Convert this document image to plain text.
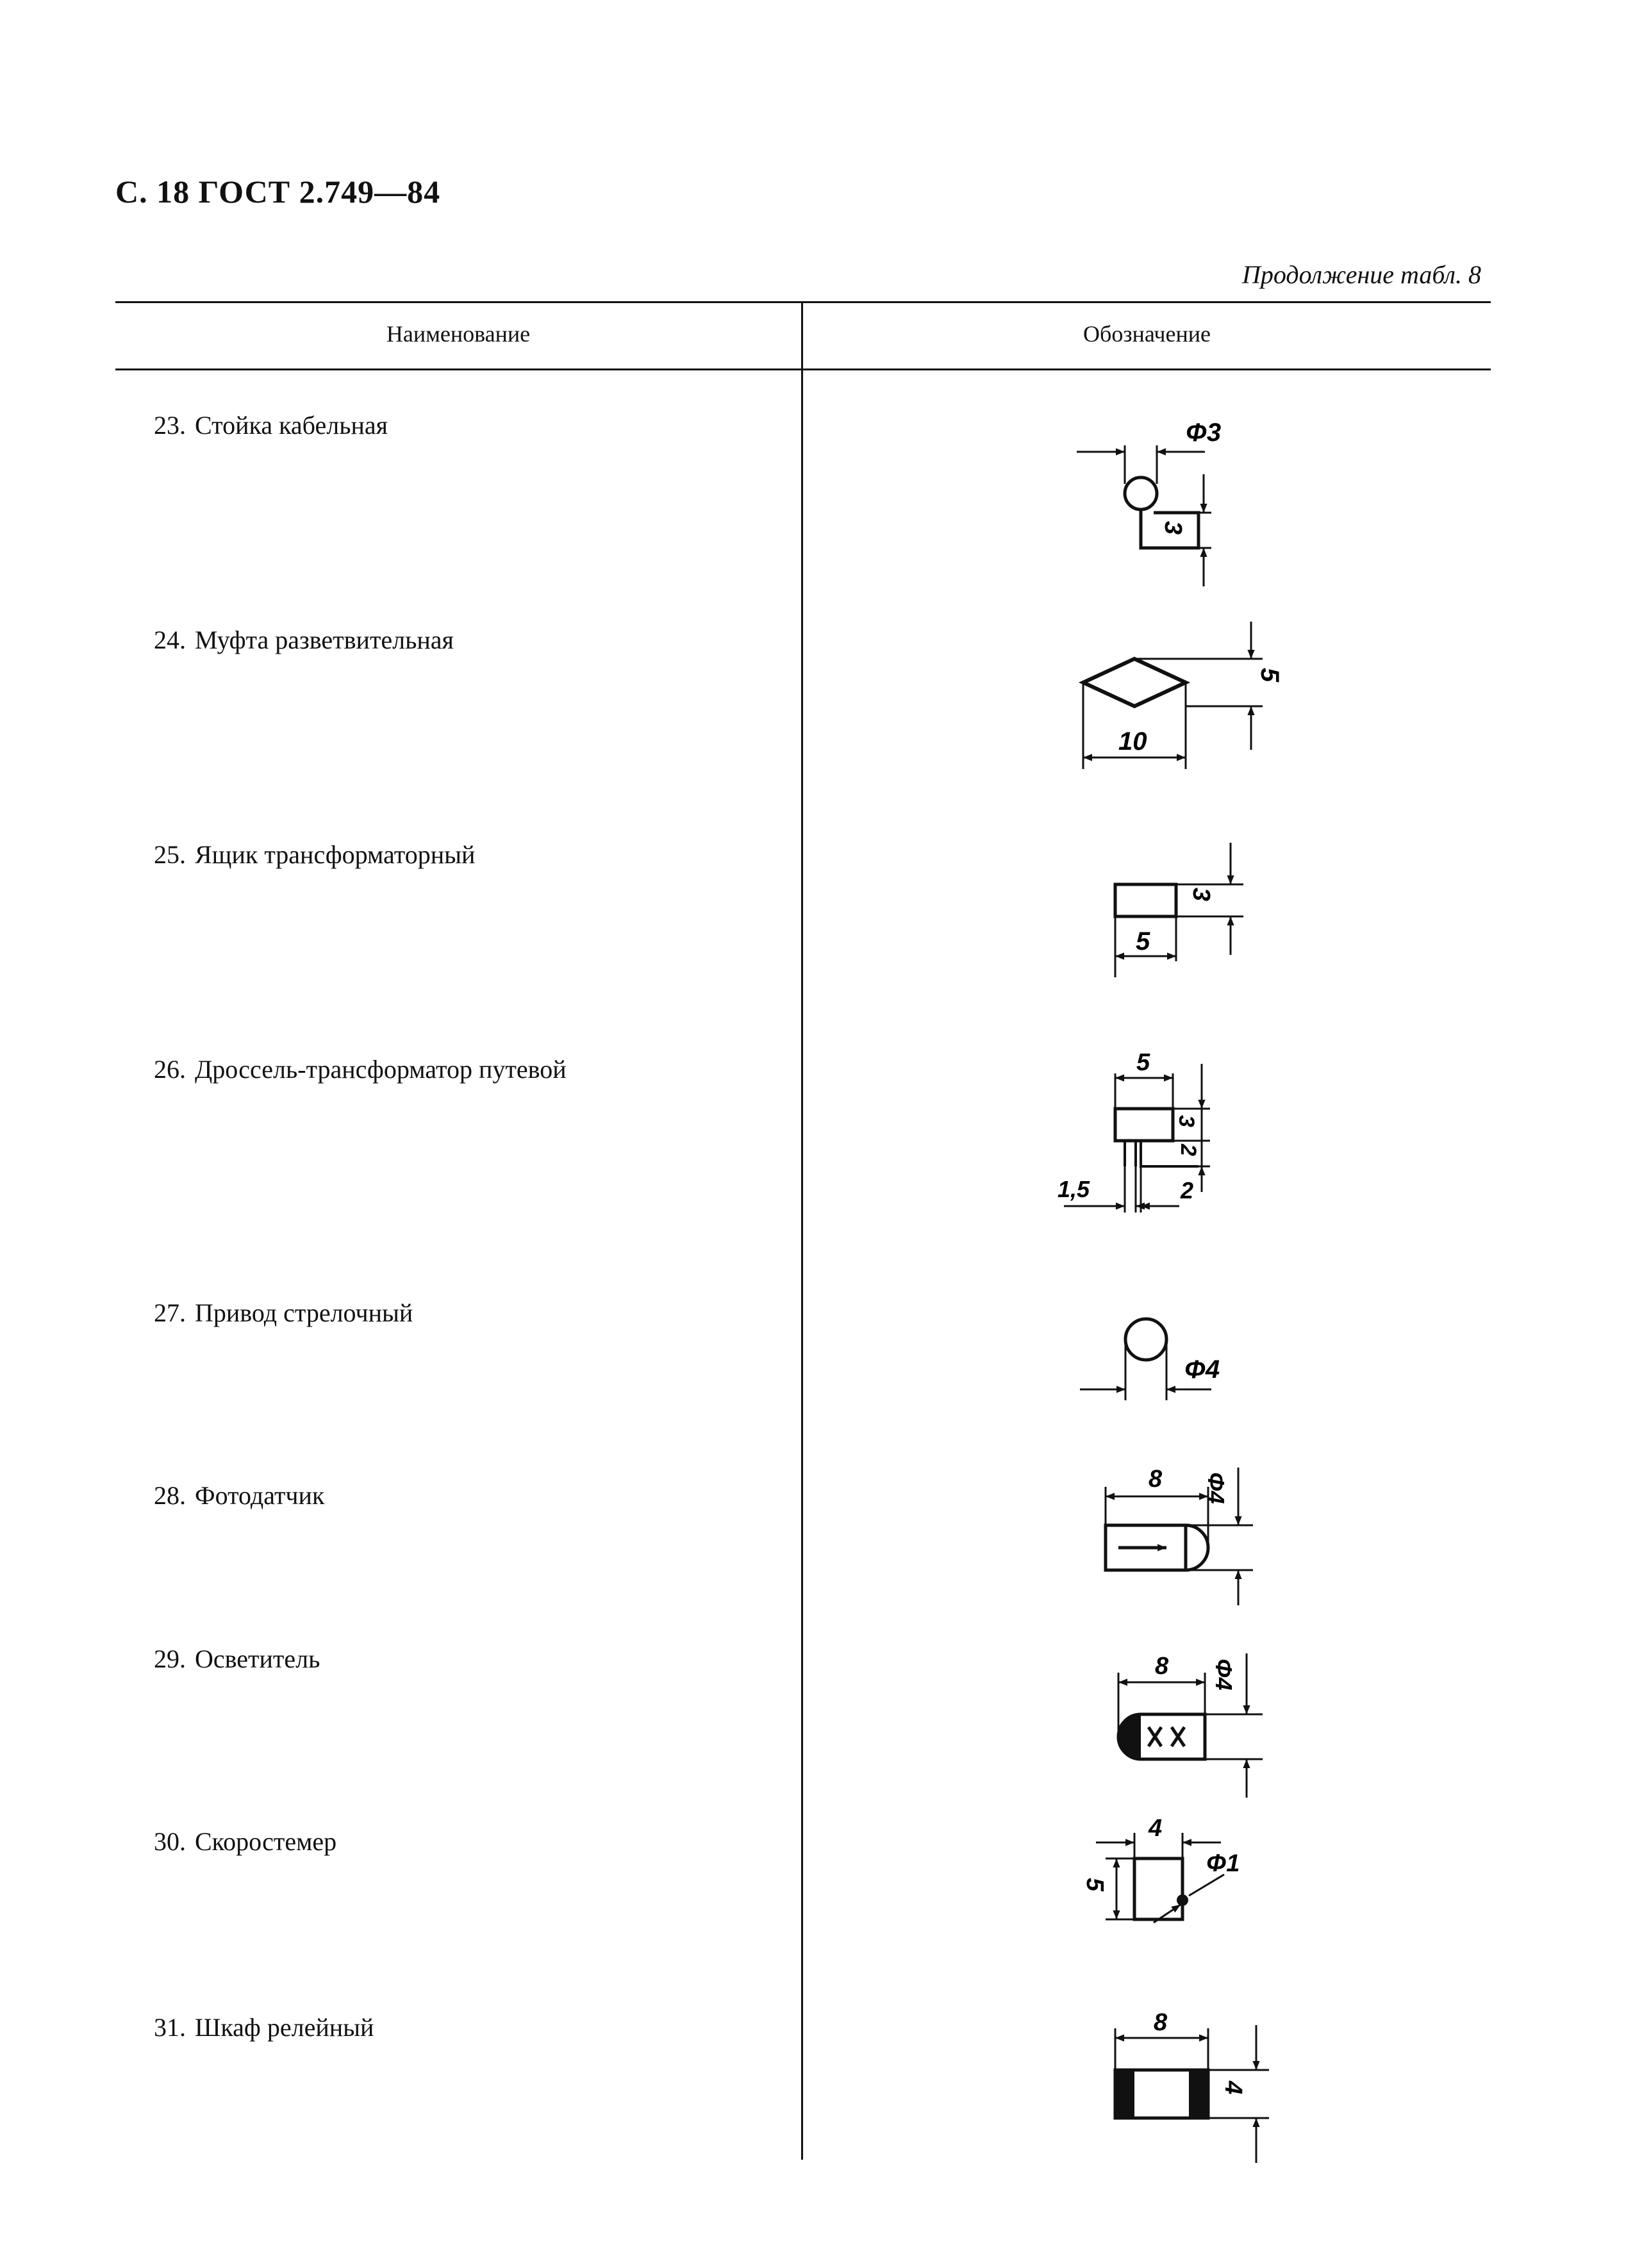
С. 18 ГОСТ 2.749—84
Продолжение табл. 8
Наименование	Обозначение
23. Стойка кабельная
24. Муфта разветвительная
25. Ящик трансформаторный
26. Дроссель-трансформатор путевой
27. Привод стрелочный
28. Фотодатчик
29. Осветитель
30. Скоростемер
31. Шкаф релейный
Φ3
3
5
10
3
5
5
3
2
1,5	2
Φ4
8 Φ4
8 Φ4
4
Φ1
5
8
4
